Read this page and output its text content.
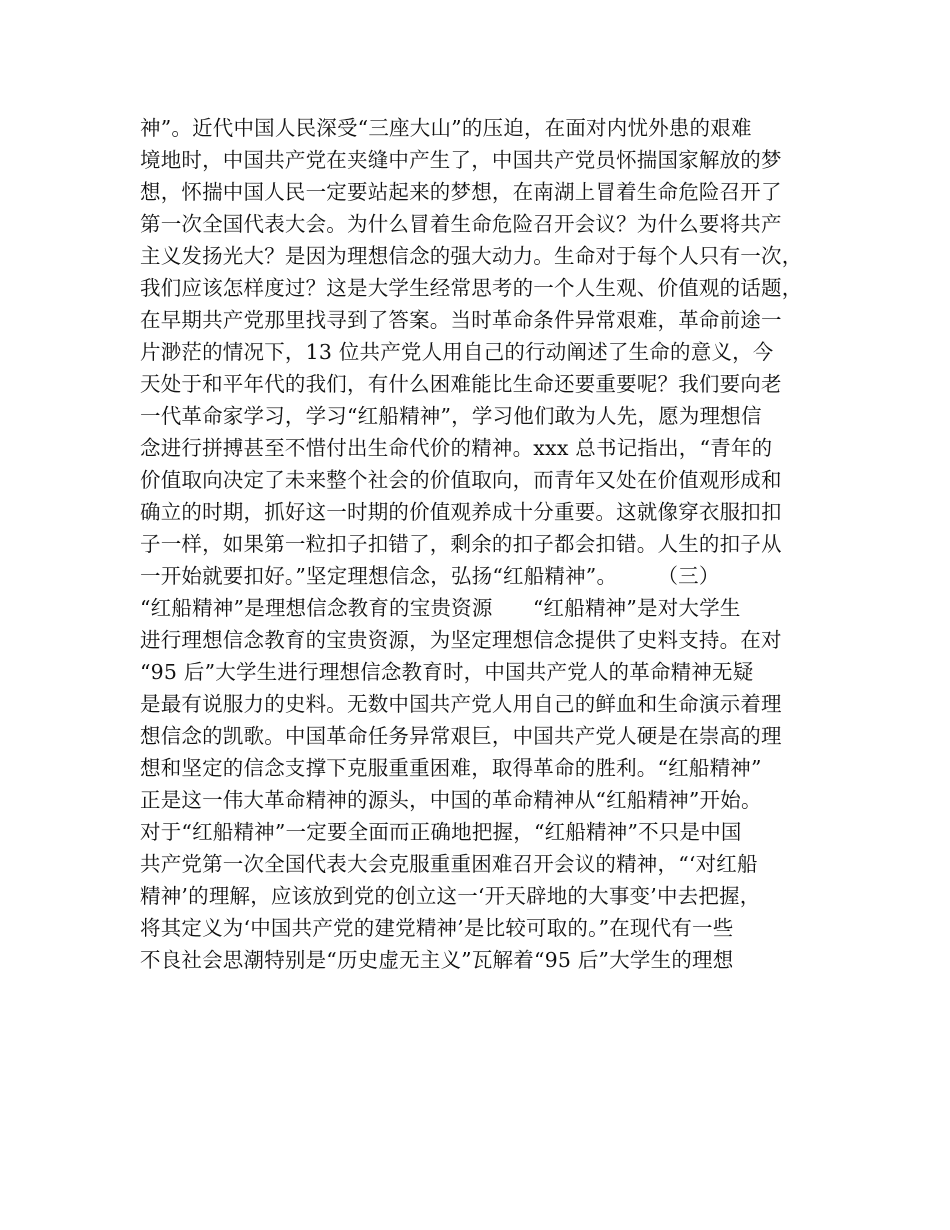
神”。近代中国人民深受“三座大山”的压迫，在面对内忧外患的艰难
境地时，中国共产党在夹缝中产生了，中国共产党员怀揣国家解放的梦
想，怀揣中国人民一定要站起来的梦想，在南湖上冒着生命危险召开了
第一次全国代表大会。为什么冒着生命危险召开会议？为什么要将共产
主义发扬光大？是因为理想信念的强大动力。生命对于每个人只有一次，
我们应该怎样度过？这是大学生经常思考的一个人生观、价值观的话题，
在早期共产党那里找寻到了答案。当时革命条件异常艰难，革命前途一
片渺茫的情况下，13 位共产党人用自己的行动阐述了生命的意义，今
天处于和平年代的我们，有什么困难能比生命还要重要呢？我们要向老
一代革命家学习，学习“红船精神”，学习他们敢为人先，愿为理想信
念进行拼搏甚至不惜付出生命代价的精神。xxx 总书记指出，“青年的
价值取向决定了未来整个社会的价值取向，而青年又处在价值观形成和
确立的时期，抓好这一时期的价值观养成十分重要。这就像穿衣服扣扣
子一样，如果第一粒扣子扣错了，剩余的扣子都会扣错。人生的扣子从
一开始就要扣好。”坚定理想信念，弘扬“红船精神”。      （三）
“红船精神”是理想信念教育的宝贵资源      “红船精神”是对大学生
进行理想信念教育的宝贵资源，为坚定理想信念提供了史料支持。在对
“95 后”大学生进行理想信念教育时，中国共产党人的革命精神无疑
是最有说服力的史料。无数中国共产党人用自己的鲜血和生命演示着理
想信念的凯歌。中国革命任务异常艰巨，中国共产党人硬是在崇高的理
想和坚定的信念支撑下克服重重困难，取得革命的胜利。“红船精神”
正是这一伟大革命精神的源头，中国的革命精神从“红船精神”开始。
对于“红船精神”一定要全面而正确地把握，“红船精神”不只是中国
共产党第一次全国代表大会克服重重困难召开会议的精神，“‘对红船
精神’的理解，应该放到党的创立这一‘开天辟地的大事变’中去把握，
将其定义为‘中国共产党的建党精神’是比较可取的。”在现代有一些
不良社会思潮特别是“历史虚无主义”瓦解着“95 后”大学生的理想
